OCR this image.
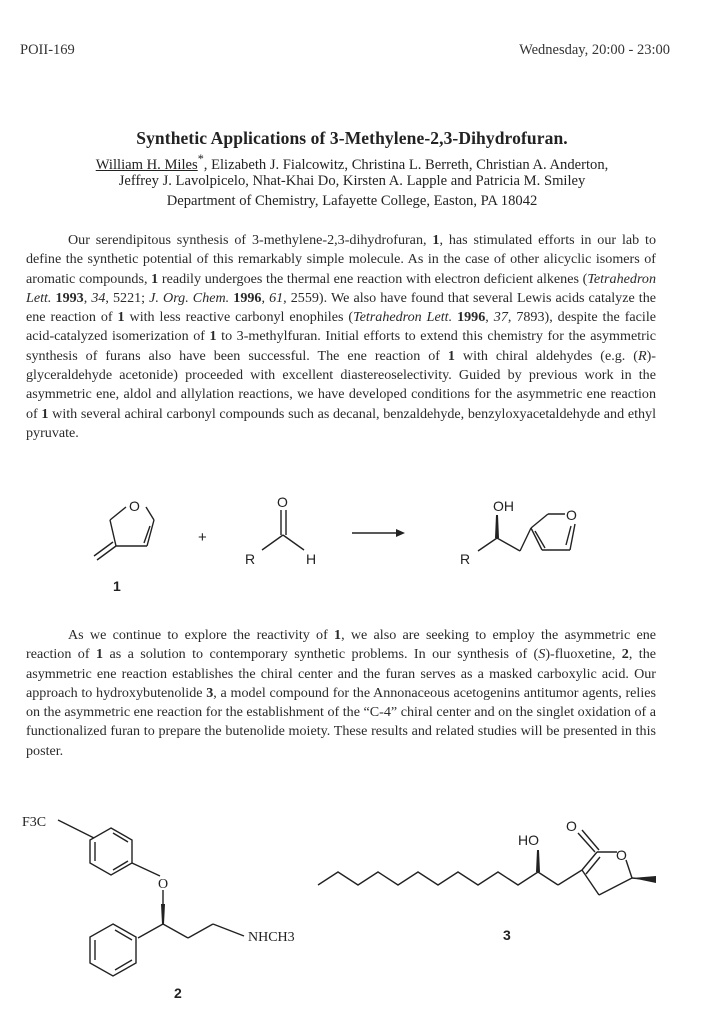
POII-169	Wednesday, 20:00 - 23:00
Synthetic Applications of 3-Methylene-2,3-Dihydrofuran.
William H. Miles*, Elizabeth J. Fialcowitz, Christina L. Berreth, Christian A. Anderton,
Jeffrey J. Lavolpicelo, Nhat-Khai Do, Kirsten A. Lapple and Patricia M. Smiley
Department of Chemistry, Lafayette College, Easton, PA 18042
Our serendipitous synthesis of 3-methylene-2,3-dihydrofuran, 1, has stimulated efforts in our lab to define the synthetic potential of this remarkably simple molecule. As in the case of other alicyclic isomers of aromatic compounds, 1 readily undergoes the thermal ene reaction with electron deficient alkenes (Tetrahedron Lett. 1993, 34, 5221; J. Org. Chem. 1996, 61, 2559). We also have found that several Lewis acids catalyze the ene reaction of 1 with less reactive carbonyl enophiles (Tetrahedron Lett. 1996, 37, 7893), despite the facile acid-catalyzed isomerization of 1 to 3-methylfuran. Initial efforts to extend this chemistry for the asymmetric synthesis of furans also have been successful. The ene reaction of 1 with chiral aldehydes (e.g. (R)-glyceraldehyde acetonide) proceeded with excellent diastereoselectivity. Guided by previous work in the asymmetric ene, aldol and allylation reactions, we have developed conditions for the asymmetric ene reaction of 1 with several achiral carbonyl compounds such as decanal, benzaldehyde, benzyloxyacetaldehyde and ethyl pyruvate.
O
1
+
O
R	H
OH
R
O
As we continue to explore the reactivity of 1, we also are seeking to employ the asymmetric ene reaction of 1 as a solution to contemporary synthetic problems. In our synthesis of (S)-fluoxetine, 2, the asymmetric ene reaction establishes the chiral center and the furan serves as a masked carboxylic acid. Our approach to hydroxybutenolide 3, a model compound for the Annonaceous acetogenins antitumor agents, relies on the asymmetric ene reaction for the establishment of the “C-4” chiral center and on the singlet oxidation of a functionalized furan to prepare the butenolide moiety. These results and related studies will be presented in this poster.
F3C
O
NHCH3
2
HO
O
O
3
